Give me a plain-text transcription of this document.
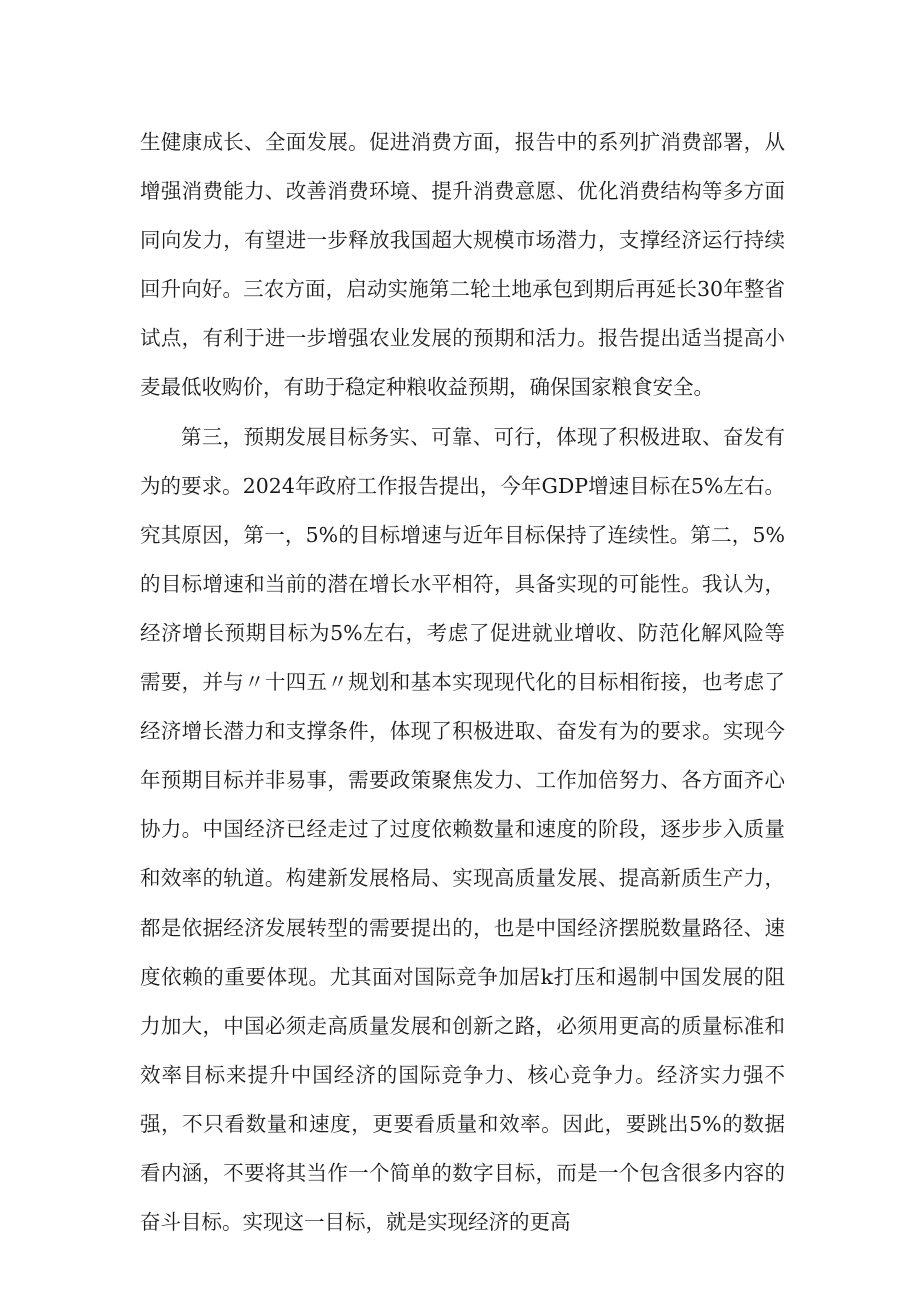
生健康成长、全面发展。促进消费方面，报告中的系列扩消费部署，从增强消费能力、改善消费环境、提升消费意愿、优化消费结构等多方面同向发力，有望进一步释放我国超大规模市场潜力，支撑经济运行持续回升向好。三农方面，启动实施第二轮土地承包到期后再延长30年整省试点，有利于进一步增强农业发展的预期和活力。报告提出适当提高小麦最低收购价，有助于稳定种粮收益预期，确保国家粮食安全。

第三，预期发展目标务实、可靠、可行，体现了积极进取、奋发有为的要求。2024年政府工作报告提出，今年GDP增速目标在5%左右。究其原因，第一，5%的目标增速与近年目标保持了连续性。第二，5%的目标增速和当前的潜在增长水平相符，具备实现的可能性。我认为，经济增长预期目标为5%左右，考虑了促进就业增收、防范化解风险等需要，并与〃十四五〃规划和基本实现现代化的目标相衔接，也考虑了经济增长潜力和支撑条件，体现了积极进取、奋发有为的要求。实现今年预期目标并非易事，需要政策聚焦发力、工作加倍努力、各方面齐心协力。中国经济已经走过了过度依赖数量和速度的阶段，逐步步入质量和效率的轨道。构建新发展格局、实现高质量发展、提高新质生产力，都是依据经济发展转型的需要提出的，也是中国经济摆脱数量路径、速度依赖的重要体现。尤其面对国际竞争加居k打压和遏制中国发展的阻力加大，中国必须走高质量发展和创新之路，必须用更高的质量标准和效率目标来提升中国经济的国际竞争力、核心竞争力。经济实力强不强，不只看数量和速度，更要看质量和效率。因此，要跳出5%的数据看内涵，不要将其当作一个简单的数字目标，而是一个包含很多内容的奋斗目标。实现这一目标，就是实现经济的更高
